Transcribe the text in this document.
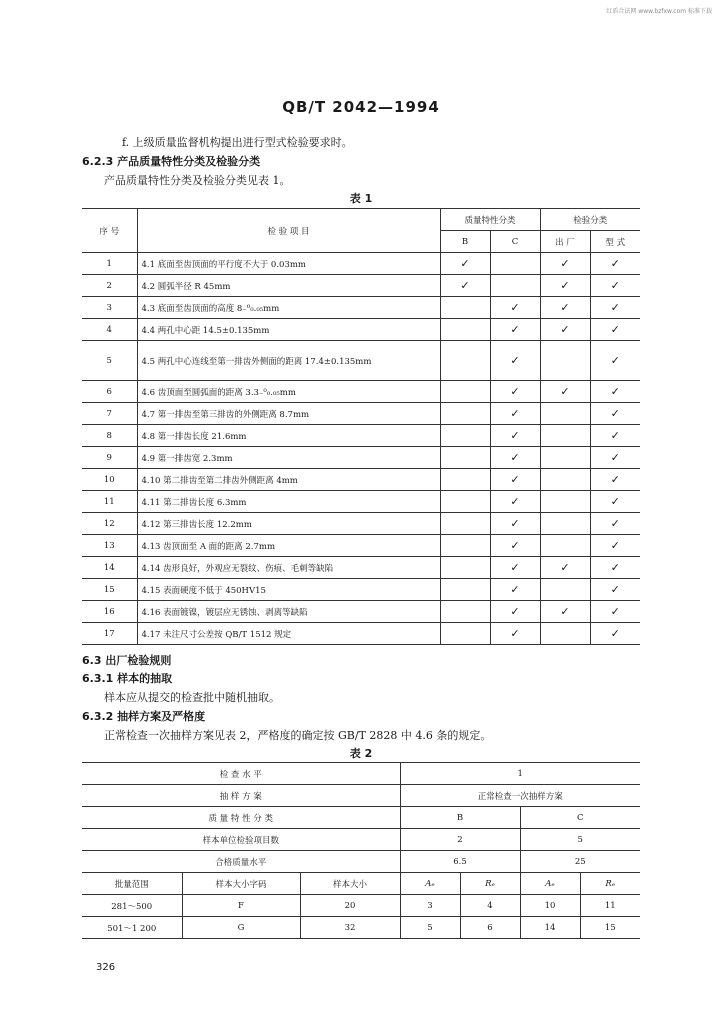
红盾合法网 www.bzfxw.com 标准下载
QB/T 2042—1994
f. 上级质量监督机构提出进行型式检验要求时。
6.2.3 产品质量特性分类及检验分类
产品质量特性分类及检验分类见表 1。
表 1
序 号	检 验 项 目	质量特性分类		检验分类	
		B	C	出 厂	型 式
1	4.1 底面至齿顶面的平行度不大于 0.03mm	✓		✓	✓
2	4.2 圆弧半径 R 45mm	✓		✓	✓
3	4.3 底面至齿顶面的高度 8₋⁰₀.₀₅mm		✓	✓	✓
4	4.4 两孔中心距 14.5±0.135mm		✓	✓	✓
5	4.5 两孔中心连线至第一排齿外侧面的距离 17.4±0.135mm		✓		✓
6	4.6 齿顶面至圆弧面的距离 3.3₋⁰₀.₀₅mm		✓	✓	✓
7	4.7 第一排齿至第三排齿的外侧距离 8.7mm		✓		✓
8	4.8 第一排齿长度 21.6mm		✓		✓
9	4.9 第一排齿宽 2.3mm		✓		✓
10	4.10 第二排齿至第二排齿外侧距离 4mm		✓		✓
11	4.11 第二排齿长度 6.3mm		✓		✓
12	4.12 第三排齿长度 12.2mm		✓		✓
13	4.13 齿顶面至 A 面的距离 2.7mm		✓		✓
14	4.14 齿形良好，外观应无裂纹、伤痕、毛刺等缺陷		✓	✓	✓
15	4.15 表面硬度不低于 450HV15		✓		✓
16	4.16 表面镀镍，镀层应无锈蚀、剥离等缺陷		✓	✓	✓
17	4.17 未注尺寸公差按 QB/T 1512 规定		✓		✓
6.3 出厂检验规则
6.3.1 样本的抽取
样本应从提交的检查批中随机抽取。
6.3.2 抽样方案及严格度
正常检查一次抽样方案见表 2，严格度的确定按 GB/T 2828 中 4.6 条的规定。
表 2
检 查 水 平			1			
抽 样 方 案			正常检查一次抽样方案			
质 量 特 性 分 类			B		C	
样本单位检验项目数			2		5	
合格质量水平			6.5		25	
批量范围	样本大小字码	样本大小	Aₑ	Rₑ	Aₑ	Rₑ
281～500	F	20	3	4	10	11
501～1 200	G	32	5	6	14	15
326
